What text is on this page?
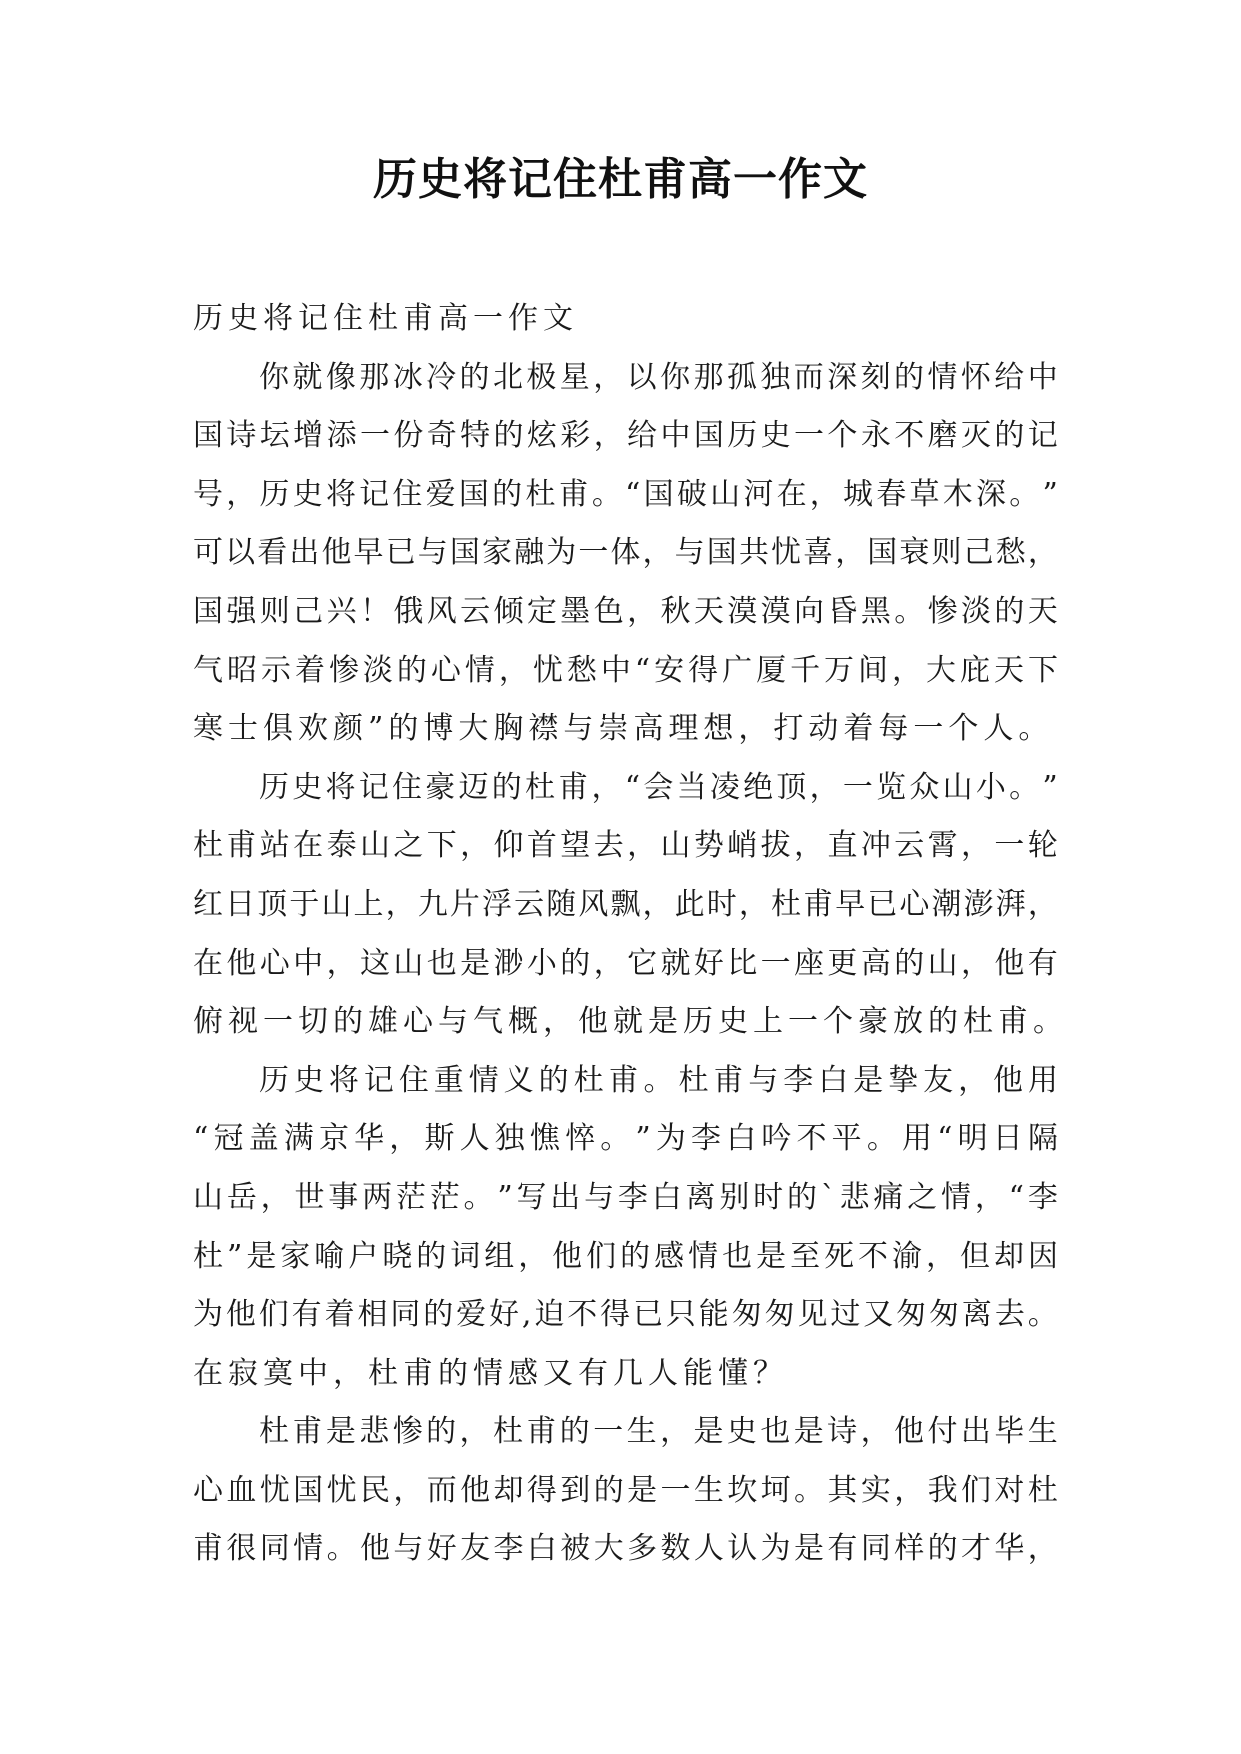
历史将记住杜甫高一作文
历史将记住杜甫高一作文
你 就 像 那 冰 冷 的 北 极 星 ， 以 你 那 孤 独 而 深 刻 的 情 怀 给 中
国 诗 坛 增 添 一 份 奇 特 的 炫 彩 ， 给 中 国 历 史 一 个 永 不 磨 灭 的 记
号 ， 历 史 将 记 住 爱 国 的 杜 甫 。 “ 国 破 山 河 在 ， 城 春 草 木 深 。 ”
可 以 看 出 他 早 已 与 国 家 融 为 一 体 ， 与 国 共 忧 喜 ， 国 衰 则 己 愁 ，
国 强 则 己 兴 ！ 俄 风 云 倾 定 墨 色 ， 秋 天 漠 漠 向 昏 黑 。 惨 淡 的 天
气 昭 示 着 惨 淡 的 心 情 ， 忧 愁 中 “ 安 得 广 厦 千 万 间 ， 大 庇 天 下
寒士俱欢颜”的博大胸襟与崇高理想，打动着每一个人。
历 史 将 记 住 豪 迈 的 杜 甫 ， “ 会 当 凌 绝 顶 ， 一 览 众 山 小 。 ”
杜 甫 站 在 泰 山 之 下 ， 仰 首 望 去 ， 山 势 峭 拔 ， 直 冲 云 霄 ， 一 轮
红 日 顶 于 山 上 ， 九 片 浮 云 随 风 飘 ， 此 时 ， 杜 甫 早 已 心 潮 澎 湃 ，
在 他 心 中 ， 这 山 也 是 渺 小 的 ， 它 就 好 比 一 座 更 高 的 山 ， 他 有
俯视一切的雄心与气概，他就是历史上一个豪放的杜甫。
历 史 将 记 住 重 情 义 的 杜 甫 。 杜 甫 与 李 白 是 挚 友 ， 他 用
“ 冠 盖 满 京 华 ， 斯 人 独 憔 悴 。 ” 为 李 白 吟 不 平 。 用 “ 明 日 隔
山 岳 ， 世 事 两 茫 茫 。 ” 写 出 与 李 白 离 别 时 的 ` 悲 痛 之 情 ， “ 李
杜 ” 是 家 喻 户 晓 的 词 组 ， 他 们 的 感 情 也 是 至 死 不 渝 ， 但 却 因
为 他 们 有 着 相 同 的 爱 好 , 迫 不 得 已 只 能 匆 匆 见 过 又 匆 匆 离 去 。
在寂寞中，杜甫的情感又有几人能懂？
杜 甫 是 悲 惨 的 ， 杜 甫 的 一 生 ， 是 史 也 是 诗 ， 他 付 出 毕 生
心 血 忧 国 忧 民 ， 而 他 却 得 到 的 是 一 生 坎 坷 。 其 实 ， 我 们 对 杜
甫 很 同 情 。 他 与 好 友 李 白 被 大 多 数 人 认 为 是 有 同 样 的 才 华 ，
